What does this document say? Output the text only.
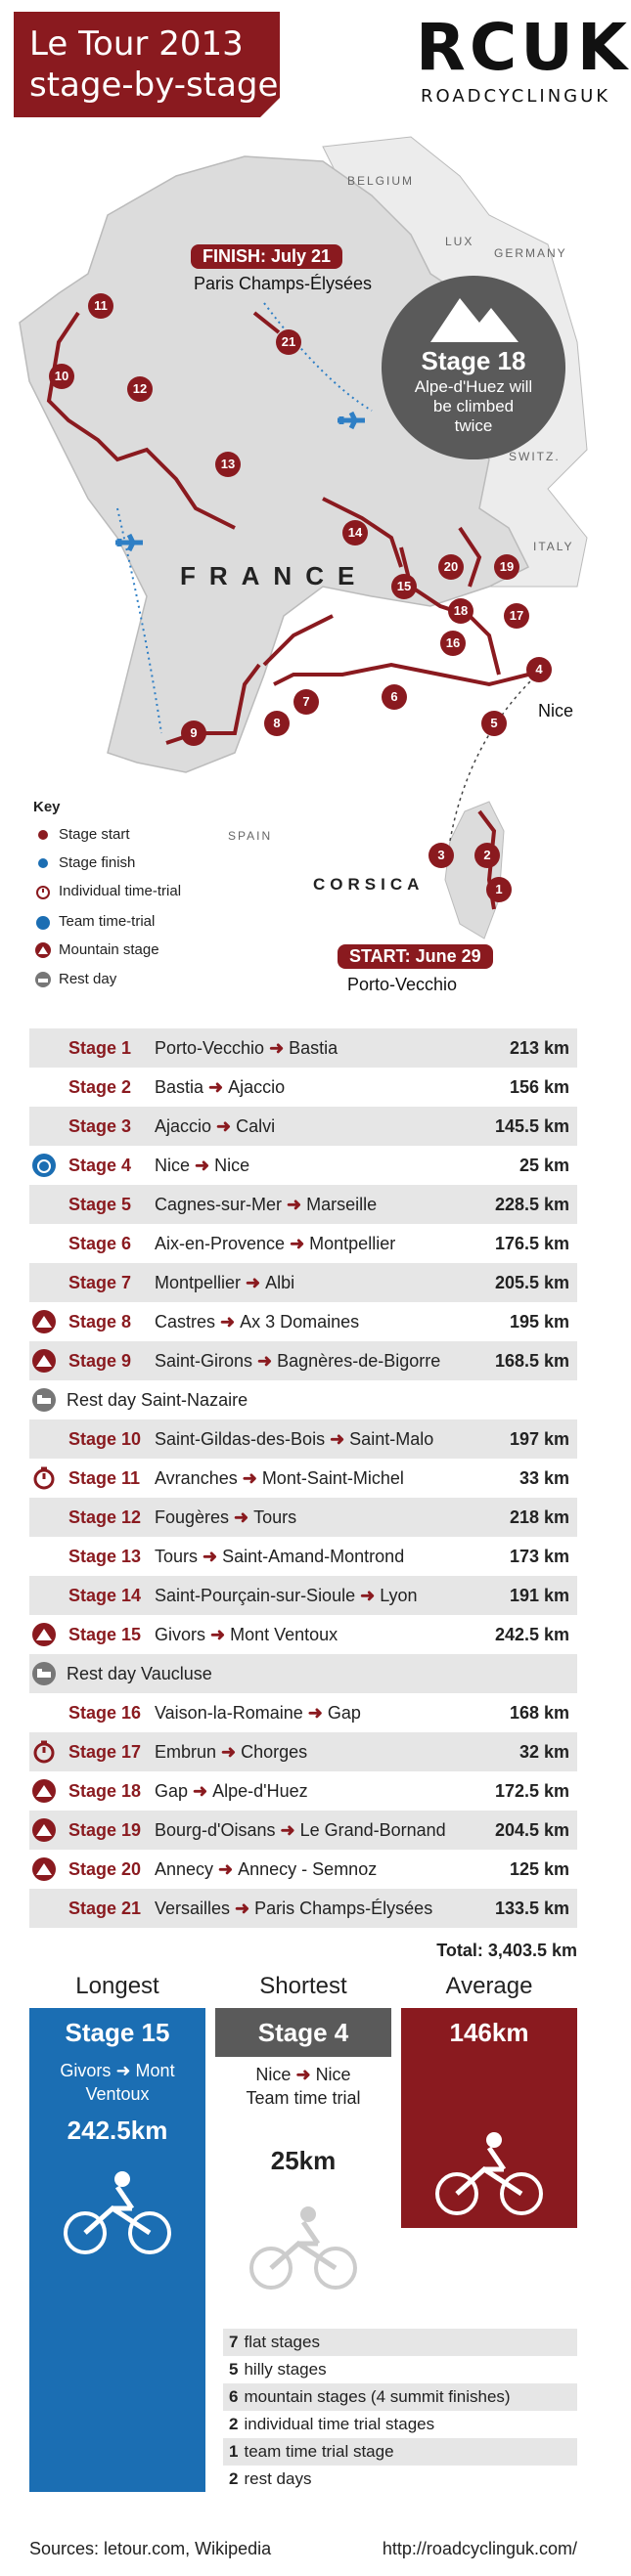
Le Tour 2013
stage-by-stage RCUK
ROADCYCLINGUK
BELGIUM
LUX
GERMANY
SWITZ.
ITALY
SPAIN
FRANCE
CORSICA
FINISH: July 21
Paris Champs-Élysées
START: June 29
Porto-Vecchio
Nice
Stage 18
Alpe-d'Huez will
be climbed
twice
1
2
3
4
5
6
7
8
9
10
11
12
13
14
15
16
17
18
19
20
21
Key
Stage start
Stage finish
Individual time-trial
Team time-trial
Mountain stage
Rest day
Stage 1 Porto-Vecchio ➜ Bastia	213 km
Stage 2 Bastia ➜ Ajaccio	156 km
Stage 3 Ajaccio ➜ Calvi	145.5 km
Stage 4 Nice ➜ Nice	25 km
Stage 5 Cagnes-sur-Mer ➜ Marseille	228.5 km
Stage 6 Aix-en-Provence ➜ Montpellier	176.5 km
Stage 7 Montpellier ➜ Albi	205.5 km
Stage 8 Castres ➜ Ax 3 Domaines	195 km
Stage 9 Saint-Girons ➜ Bagnères-de-Bigorre	168.5 km
Rest day Saint-Nazaire
Stage 10 Saint-Gildas-des-Bois ➜ Saint-Malo	197 km
Stage 11 Avranches ➜ Mont-Saint-Michel	33 km
Stage 12 Fougères ➜ Tours	218 km
Stage 13 Tours ➜ Saint-Amand-Montrond	173 km
Stage 14 Saint-Pourçain-sur-Sioule ➜ Lyon	191 km
Stage 15 Givors ➜ Mont Ventoux	242.5 km
Rest day Vaucluse
Stage 16 Vaison-la-Romaine ➜ Gap	168 km
Stage 17 Embrun ➜ Chorges	32 km
Stage 18 Gap ➜ Alpe-d'Huez	172.5 km
Stage 19 Bourg-d'Oisans ➜ Le Grand-Bornand	204.5 km
Stage 20 Annecy ➜ Annecy - Semnoz	125 km
Stage 21 Versailles ➜ Paris Champs-Élysées	133.5 km
Total: 3,403.5 km
Longest	Shortest	Average
Stage 15
Givors ➜ Mont
Ventoux
242.5km
Stage 4
Nice ➜ Nice
Team time trial
25km
146km
7 flat stages
5 hilly stages
6 mountain stages (4 summit finishes)
2 individual time trial stages
1 team time trial stage
2 rest days
Sources: letour.com, Wikipedia	http://roadcyclinguk.com/
